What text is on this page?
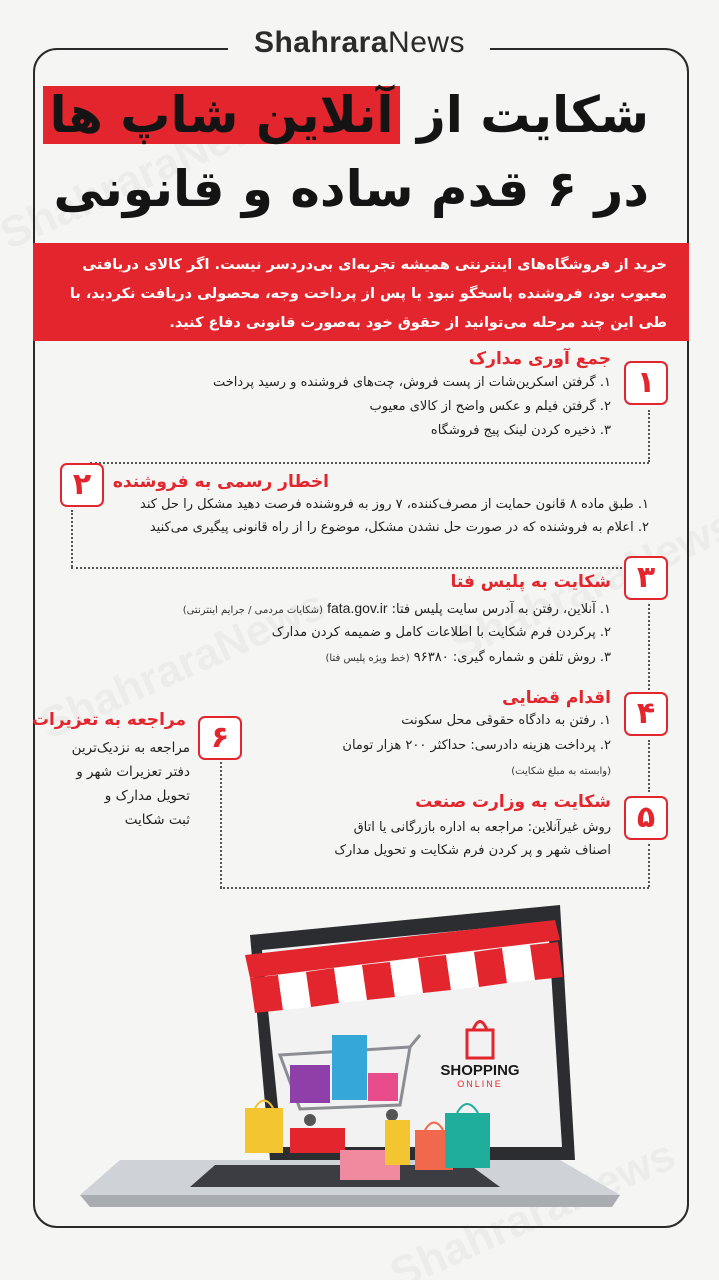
ShahraraNews
شکایت از آنلاین شاپ ها
در ۶ قدم ساده و قانونی
خرید از فروشگاه‌های اینترنتی همیشه تجربه‌ای بی‌دردسر نیست. اگر کالای دریافتی معیوب بود، فروشنده پاسخگو نبود یا پس از پرداخت وجه، محصولی دریافت نکردید، با طی این چند مرحله می‌توانید از حقوق خود به‌صورت قانونی دفاع کنید.
۱
جمع آوری مدارک
۱. گرفتن اسکرین‌شات از پست فروش، چت‌های فروشنده و رسید پرداخت
۲. گرفتن فیلم و عکس واضح از کالای معیوب
۳. ذخیره کردن لینک پیج فروشگاه
۲	اخطار رسمی به فروشنده
۱. طبق ماده ۸ قانون حمایت از مصرف‌کننده، ۷ روز به فروشنده فرصت دهید مشکل را حل کند
۲. اعلام به فروشنده که در صورت حل نشدن مشکل، موضوع را از راه قانونی پیگیری می‌کنید
۳
شکایت به پلیس فتا
۱. آنلاین، رفتن به آدرس سایت پلیس فتا: fata.gov.ir (شکایات مردمی / جرایم اینترنتی)
۲. پرکردن فرم شکایت با اطلاعات کامل و ضمیمه کردن مدارک
۳. روش تلفن و شماره گیری: ۹۶۳۸۰ (خط ویژه پلیس فتا)
۴
اقدام قضایی
۱. رفتن به دادگاه حقوقی محل سکونت
۲. پرداخت هزینه دادرسی: حداکثر ۲۰۰ هزار تومان
(وابسته به مبلغ شکایت)
۵
شکایت به وزارت صنعت
روش غیرآنلاین: مراجعه به اداره بازرگانی یا اتاق
اصناف شهر و پر کردن فرم شکایت و تحویل مدارک
۶
مراجعه به تعزیرات
مراجعه به نزدیک‌ترین
دفتر تعزیرات شهر و
تحویل مدارک و
ثبت شکایت
SHOPPING
ONLINE
